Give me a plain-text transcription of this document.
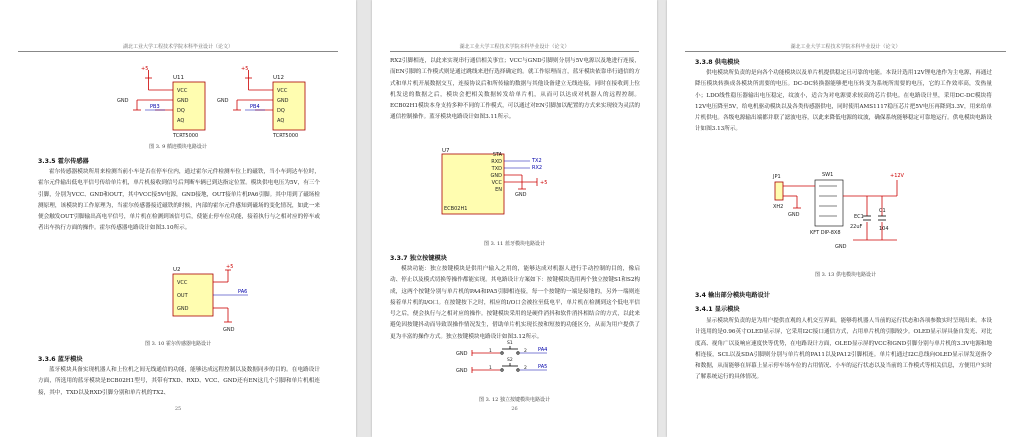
湖北工业大学工程技术学院本科毕业设计（论文）
U11	U12
+5	+5
GND	GND
PB3	PB4
VCC
GND
DQ
AQ
VCC
GND
DQ
AQ
TCRT5000	TCRT5000
图 3. 9 循迹模块电路设计
3.3.5 霍尔传感器
霍尔传感器模块所用来检测当前小车是否在停车位内，通过霍尔元件检测车位上的磁铁，当小车到达车位时，霍尔元件输出低电平信号传给单片机，单片机接收到信号后判断车辆已到达指定位置。模块供电电压为5V，有三个引脚，分别为VCC、GND和OUT，其中VCC接5V电源，GND接地，OUT接单片机PA6引脚。其中用到了磁场检测原理，该模块的工作原理为，当霍尔传感器接近磁铁的时候，内部的霍尔元件感知到磁场的变化情况，如此一来便会触发OUT引脚输出高电平信号，单片机在检测到该信号后，使能止停车位功能，接着执行与之相对应的停车或者出车执行方面的操作。霍尔传感器电路设计如图3.10所示。
U2
VCC
OUT
GND
+5
PA6
GND
图 3. 10 霍尔传感器电路设计
3.3.6 蓝牙模块
蓝牙模块具备实现机器人和上位机之间无线通信的功能，能够达成远程控制以及数据同步的目的。在电路设计方面，所选用的蓝牙模块是ECB02H1型号，其带有TXD、RXD、VCC、GND还有EN这几个引脚和单片机相连接，其中，TXD以及RXD引脚分别和单片机的TX2、
25
湖北工业大学工程技术学院本科毕业设计（论文）
RX2引脚相连，以此来实现串行通信相关事宜；VCC与GND引脚则分别与5V电源以及地进行连接，而EN引脚的工作模式则是通过跳线来进行选择确定的。就工作原理而言，蓝牙模块依靠串行通信的方式和单片机开展数据交互，连接协议后和所传输的数据与其他设备建立无线连接，同时在接收到上位机发送的数据之后，模块会把相关数据转发给单片机，从而可以达成对机器人的远程控制。ECB02H1模块本身支持多种不同的工作模式，可以通过对EN引脚加以配置的方式来实现较为灵活的通信控制操作。蓝牙模块电路设计如图3.11所示。
U7
STA
RXD
TXD
GND
VCC
EN
TX2
RX2
GND
+5
ECB02H1
图 3. 11 蓝牙模块电路设计
3.3.7 独立按键模块
模块功能：独立按键模块是供用户输入之用的，能够达成对机器人进行手动控制的目的，像启动、停止以及模式切换等操作都能实现。其电路设计方案如下：按键模块选用两个独立按键S1和S2构成，这两个按键分别与单片机的PA4和PA5引脚相连接，每一个按键的一端是接地的，另外一端则连接着单片机的I/O口。在按键按下之时，相应的I/O口会被拉至低电平，单片机在检测到这个低电平信号之后，便会执行与之相对应的操作。按键模块采用的是硬件消抖和软件消抖相结合的方式，以此来避免因按键抖动而导致误操作情况发生，借助单片机实现长按和短按的功能区分，从而为用户提供了更为丰富的操作方式。独立按键模块电路设计如图3.12所示。
GND	1
S1
2 PA4
GND	1
S2
2 PA5
图 3. 12 独立按键模块电路设计
26
湖北工业大学工程技术学院本科毕业设计（论文）
3.3.8 供电模块
供电模块所负责的是向各个功能模块以及单片机提供稳定且可靠的电能。本设计选用12V锂电池作为主电源，再通过降压模块转换成各模块所需要的电压。DC-DC转换器能够把电压转变为系统所需要的电压，它的工作效率高，发热量小；LDO线性稳压器输出电压稳定，纹波小，适合为对电源要求较高的芯片供电。在电路设计里，采用DC-DC模块将12V电压降至5V，给电机驱动模块以及各类传感器供电，同时使用AMS1117稳压芯片把5V电压再降到3.3V，用来给单片机供电。各级电源输出端都并联了滤波电容，以此来降低电源的纹波，确保系统能够稳定可靠地运行。供电模块电路设计如图3.13所示。
JP1
XH2
SW1	+12V
EC1
22uF
C1
104
KFT DIP-8X8
GND
GND
图 3. 13 供电模块电路设计
3.4 输出部分模块电路设计
3.4.1 显示模块
显示模块所负责的是为用户提供直观的人机交互界面，能够将机器人当前的运行状态和各项参数实时呈现出来。本设计选用的是0.96英寸OLED显示屏，它采用I2C接口通信方式，占用单片机的引脚较少。OLED显示屏具备自发光、对比度高、视角广以及响应速度快等优势，在电路设计方面，OLED显示屏的VCC和GND引脚分别与单片机的3.3V电源和地相连接，SCL以及SDA引脚则分别与单片机的PA11以及PA12引脚相连。单片机通过I2C总线向OLED显示屏发送指令和数据，从而能够在屏幕上显示停车场车位的占用情况、小车的运行状态以及当前的工作模式等相关信息，方便用户实时了解系统运行的具体情况。
